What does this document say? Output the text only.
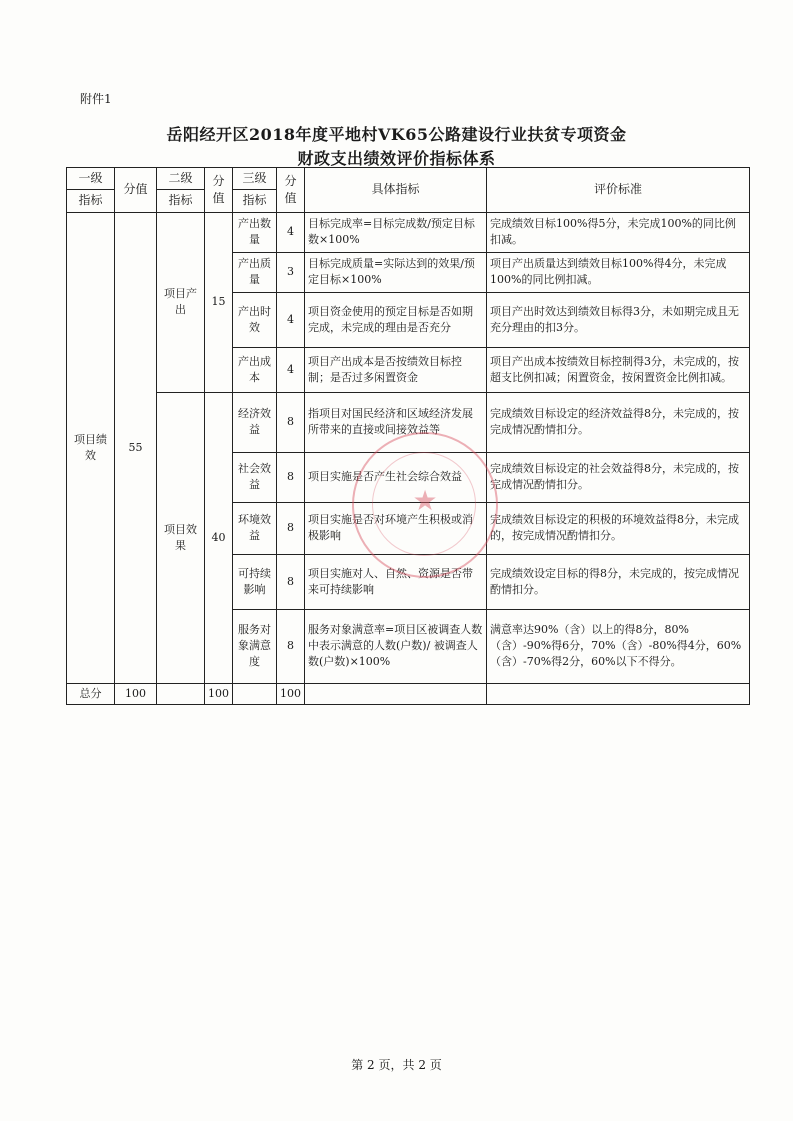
附件1
岳阳经开区2018年度平地村VK65公路建设行业扶贫专项资金
财政支出绩效评价指标体系
一级	分值	二级	分值	三级	分值	具体指标	评价标准
指标		指标		指标			
项目绩效	55	项目产出	15	产出数量	4	目标完成率=目标完成数/预定目标数×100%	完成绩效目标100%得5分，未完成100%的同比例扣减。
				产出质量	3	目标完成质量=实际达到的效果/预定目标×100%	项目产出质量达到绩效目标100%得4分，未完成100%的同比例扣减。
				产出时效	4	项目资金使用的预定目标是否如期完成，未完成的理由是否充分	项目产出时效达到绩效目标得3分，未如期完成且无充分理由的扣3分。
				产出成本	4	项目产出成本是否按绩效目标控制；是否过多闲置资金	项目产出成本按绩效目标控制得3分，未完成的，按超支比例扣减；闲置资金，按闲置资金比例扣减。
		项目效果	40	经济效益	8	指项目对国民经济和区域经济发展所带来的直接或间接效益等	完成绩效目标设定的经济效益得8分，未完成的，按完成情况酌情扣分。
				社会效益	8	项目实施是否产生社会综合效益	完成绩效目标设定的社会效益得8分，未完成的，按完成情况酌情扣分。
				环境效益	8	项目实施是否对环境产生积极或消极影响	完成绩效目标设定的积极的环境效益得8分，未完成的，按完成情况酌情扣分。
				可持续影响	8	项目实施对人、自然、资源是否带来可持续影响	完成绩效设定目标的得8分，未完成的，按完成情况酌情扣分。
				服务对象满意度	8	服务对象满意率=项目区被调查人数中表示满意的人数(户数)/ 被调查人数(户数)×100%	满意率达90%（含）以上的得8分，80%（含）-90%得6分，70%（含）-80%得4分，60%（含）-70%得2分，60%以下不得分。
总分	100		100		100		
★
第 2 页，共 2 页
